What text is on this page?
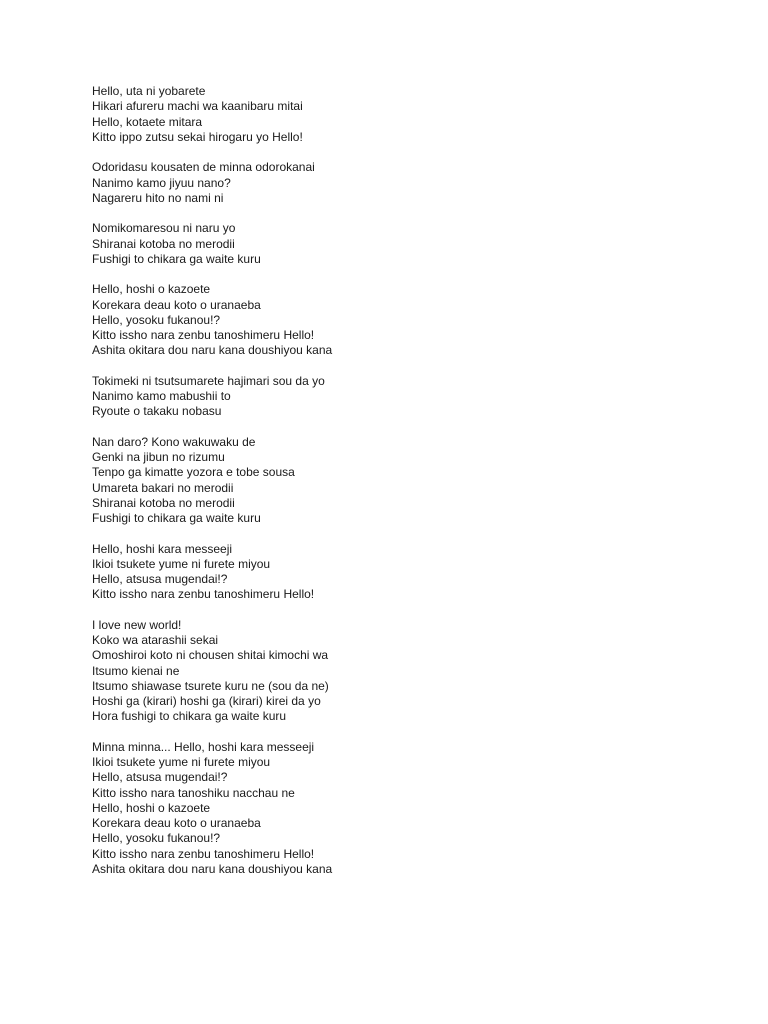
Hello, uta ni yobarete
Hikari afureru machi wa kaanibaru mitai
Hello, kotaete mitara
Kitto ippo zutsu sekai hirogaru yo Hello!
Odoridasu kousaten de minna odorokanai
Nanimo kamo jiyuu nano?
Nagareru hito no nami ni
Nomikomaresou ni naru yo
Shiranai kotoba no merodii
Fushigi to chikara ga waite kuru
Hello, hoshi o kazoete
Korekara deau koto o uranaeba
Hello, yosoku fukanou!?
Kitto issho nara zenbu tanoshimeru Hello!
Ashita okitara dou naru kana doushiyou kana
Tokimeki ni tsutsumarete hajimari sou da yo
Nanimo kamo mabushii to
Ryoute o takaku nobasu
Nan daro? Kono wakuwaku de
Genki na jibun no rizumu
Tenpo ga kimatte yozora e tobe sousa
Umareta bakari no merodii
Shiranai kotoba no merodii
Fushigi to chikara ga waite kuru
Hello, hoshi kara messeeji
Ikioi tsukete yume ni furete miyou
Hello, atsusa mugendai!?
Kitto issho nara zenbu tanoshimeru Hello!
I love new world!
Koko wa atarashii sekai
Omoshiroi koto ni chousen shitai kimochi wa
Itsumo kienai ne
Itsumo shiawase tsurete kuru ne (sou da ne)
Hoshi ga (kirari) hoshi ga (kirari) kirei da yo
Hora fushigi to chikara ga waite kuru
Minna minna... Hello, hoshi kara messeeji
Ikioi tsukete yume ni furete miyou
Hello, atsusa mugendai!?
Kitto issho nara tanoshiku nacchau ne
Hello, hoshi o kazoete
Korekara deau koto o uranaeba
Hello, yosoku fukanou!?
Kitto issho nara zenbu tanoshimeru Hello!
Ashita okitara dou naru kana doushiyou kana
